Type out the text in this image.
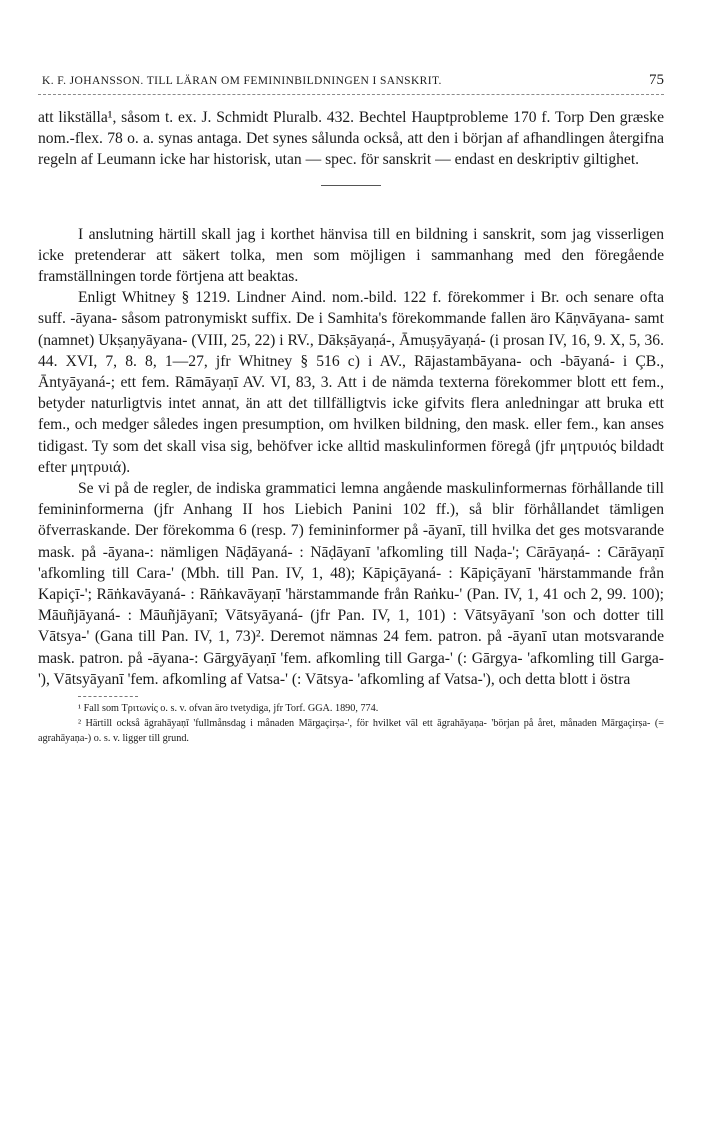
K. F. JOHANSSON. TILL LÄRAN OM FEMININBILDNINGEN I SANSKRIT.	75

att likställa¹, såsom t. ex. J. Schmidt Pluralb. 432. Bechtel Hauptprobleme 170 f. Torp Den græske nom.-flex. 78 o. a. synas antaga. Det synes sålunda också, att den i början af afhandlingen återgifna regeln af Leumann icke har historisk, utan — spec. för sanskrit — endast en deskriptiv giltighet.

I anslutning härtill skall jag i korthet hänvisa till en bildning i sanskrit, som jag visserligen icke pretenderar att säkert tolka, men som möjligen i sammanhang med den föregående framställningen torde förtjena att beaktas.

Enligt Whitney § 1219. Lindner Aind. nom.-bild. 122 f. förekommer i Br. och senare ofta suff. -āyana- såsom patronymiskt suffix. De i Samhita's förekommande fallen äro Kāṇvāyana- samt (namnet) Ukṣaṇyāyana- (VIII, 25, 22) i RV., Dākṣāyaṇá-, Āmuṣyāyaṇá- (i prosan IV, 16, 9. X, 5, 36. 44. XVI, 7, 8. 8, 1—27, jfr Whitney § 516 c) i AV., Rājastambāyana- och -bāyaná- i ÇB., Āntyāyaná-; ett fem. Rāmāyaṇī AV. VI, 83, 3. Att i de nämda texterna förekommer blott ett fem., betyder naturligtvis intet annat, än att det tillfälligtvis icke gifvits flera anledningar att bruka ett fem., och medger således ingen presumption, om hvilken bildning, den mask. eller fem., kan anses tidigast. Ty som det skall visa sig, behöfver icke alltid maskulinformen föregå (jfr μητρυιός bildadt efter μητρυιά).

Se vi på de regler, de indiska grammatici lemna angående maskulinformernas förhållande till femininformerna (jfr Anhang II hos Liebich Panini 102 ff.), så blir förhållandet tämligen öfverraskande. Der förekomma 6 (resp. 7) femininformer på -āyanī, till hvilka det ges motsvarande mask. på -āyana-: nämligen Nāḍāyaná- : Nāḍāyanī 'afkomling till Naḍa-'; Cārāyaṇá- : Cārāyaṇī 'afkomling till Cara-' (Mbh. till Pan. IV, 1, 48); Kāpiçāyaná- : Kāpiçāyanī 'härstammande från Kapiçī-'; Rāṅkavāyaná- : Rāṅkavāyaṇī 'härstammande från Raṅku-' (Pan. IV, 1, 41 och 2, 99. 100); Māuñjāyaná- : Māuñjāyanī; Vātsyāyaná- (jfr Pan. IV, 1, 101) : Vātsyāyanī 'son och dotter till Vātsya-' (Gana till Pan. IV, 1, 73)². Deremot nämnas 24 fem. patron. på -āyanī utan motsvarande mask. patron. på -āyana-: Gārgyāyaṇī 'fem. afkomling till Garga-' (: Gārgya- 'afkomling till Garga-'), Vātsyāyanī 'fem. afkomling af Vatsa-' (: Vātsya- 'afkomling af Vatsa-'), och detta blott i östra

¹ Fall som Τριτωνίς o. s. v. ofvan äro tvetydiga, jfr Torf. GGA. 1890, 774.

² Härtill också āgrahāyaṇī 'fullmånsdag i månaden Mārgaçirṣa-', för hvilket väl ett āgrahāyaṇa- 'början på året, månaden Mārgaçirṣa- (= agrahāyaṇa-) o. s. v. ligger till grund.
